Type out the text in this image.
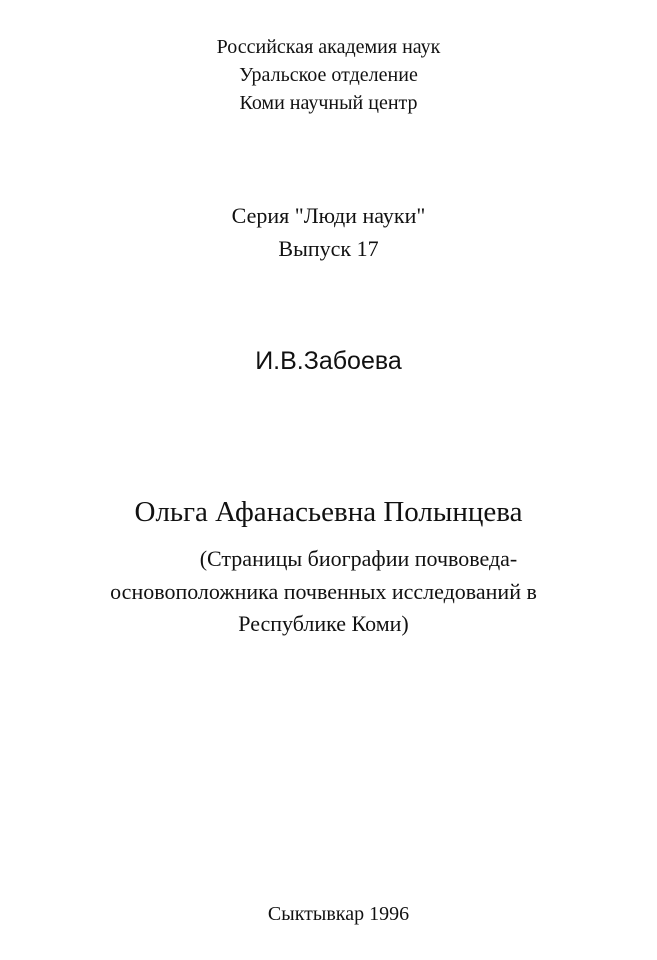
Российская академия наук
Уральское отделение
Коми научный центр
Серия "Люди науки"
Выпуск 17
И.В.Забоева
Ольга Афанасьевна Полынцева
(Страницы биографии почвоведа-
основоположника почвенных исследований в
Республике Коми)
Сыктывкар 1996
